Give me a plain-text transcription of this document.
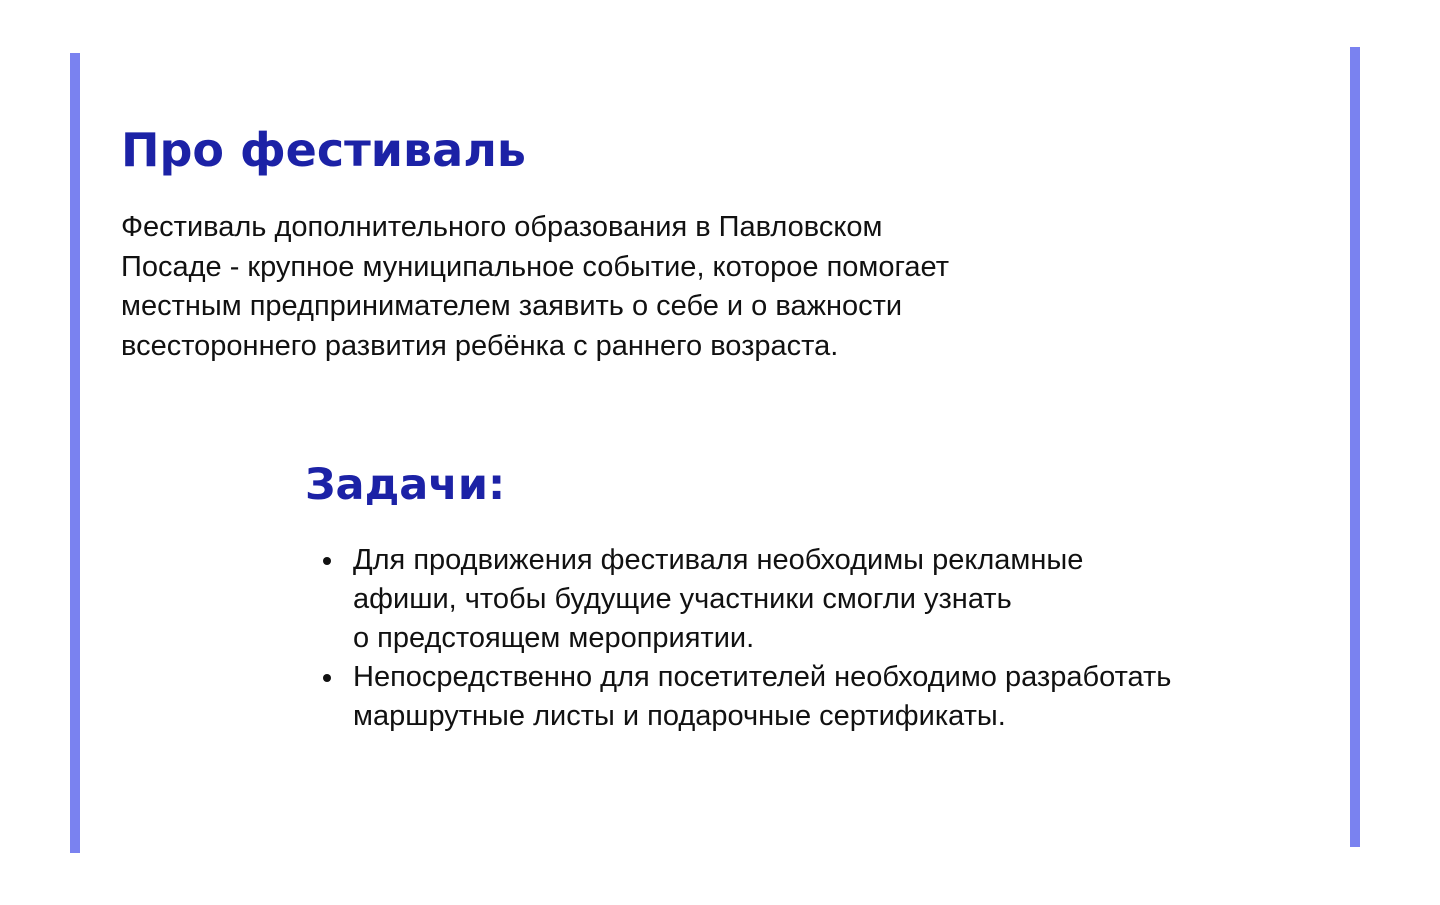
Про фестиваль
Фестиваль дополнительного образования в Павловском
Посаде - крупное муниципальное событие, которое помогает
местным предпринимателем заявить о себе и о важности
всестороннего развития ребёнка с раннего возраста.
Задачи:
Для продвижения фестиваля необходимы рекламные
афиши, чтобы будущие участники смогли узнать
о предстоящем мероприятии.
Непосредственно для посетителей необходимо разработать
маршрутные листы и подарочные сертификаты.
